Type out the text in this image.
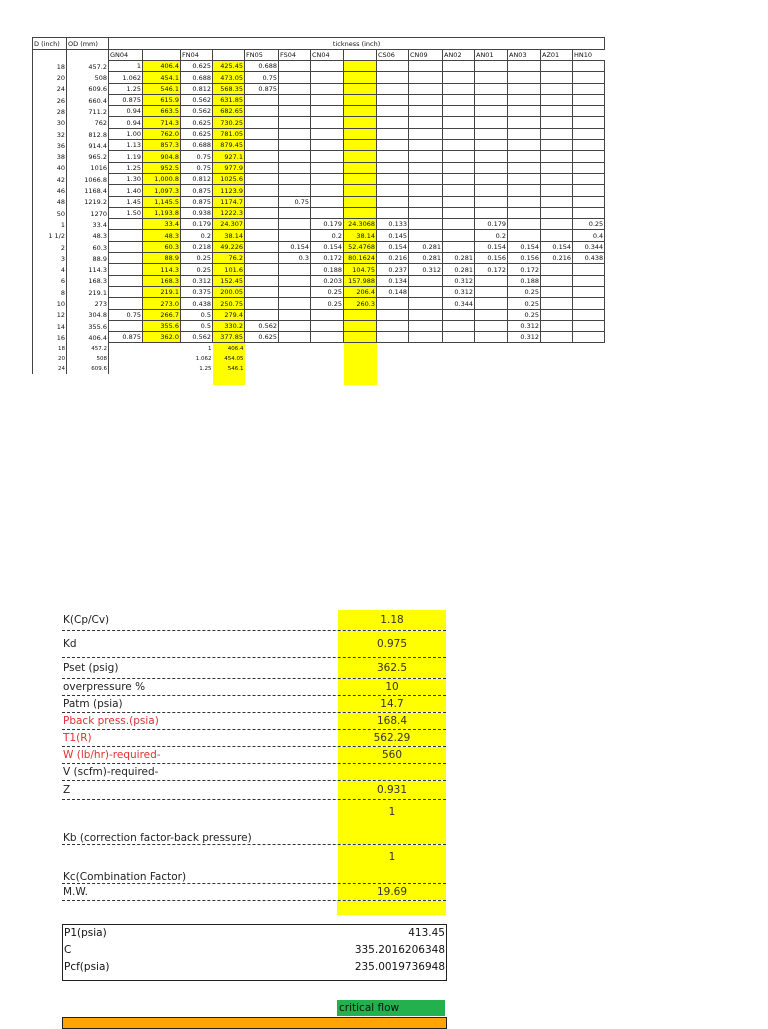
D (inch)	OD (mm)	tickness (inch)														
		GN04		FN04		FN05	FS04	CN04		CS06	CN09	AN02	AN01	AN03	AZ01	HN10
18	457.2	1	406.4	0.625	425.45	0.688										
20	508	1.062	454.1	0.688	473.05	0.75										
24	609.6	1.25	546.1	0.812	568.35	0.875										
26	660.4	0.875	615.9	0.562	631.85											
28	711.2	0.94	663.5	0.562	682.65											
30	762	0.94	714.3	0.625	730.25											
32	812.8	1.00	762.0	0.625	781.05											
36	914.4	1.13	857.3	0.688	879.45											
38	965.2	1.19	904.8	0.75	927.1											
40	1016	1.25	952.5	0.75	977.9											
42	1066.8	1.30	1,000.8	0.812	1025.6											
46	1168.4	1.40	1,097.3	0.875	1123.9											
48	1219.2	1.45	1,145.5	0.875	1174.7		0.75									
50	1270	1.50	1,193.8	0.938	1222.3											
1	33.4		33.4	0.179	24.307			0.179	24.3068	0.133			0.179			0.25
1 1/2	48.3		48.3	0.2	38.14			0.2	38.14	0.145			0.2			0.4
2	60.3		60.3	0.218	49.226		0.154	0.154	52.4768	0.154	0.281		0.154	0.154	0.154	0.344
3	88.9		88.9	0.25	76.2		0.3	0.172	80.1624	0.216	0.281	0.281	0.156	0.156	0.216	0.438
4	114.3		114.3	0.25	101.6			0.188	104.75	0.237	0.312	0.281	0.172	0.172		
6	168.3		168.3	0.312	152.45			0.203	157.988	0.134		0.312		0.188		
8	219.1		219.1	0.375	200.05			0.25	206.4	0.148		0.312		0.25		
10	273		273.0	0.438	250.75			0.25	260.3			0.344		0.25		
12	304.8	0.75	266.7	0.5	279.4									0.25		
14	355.6		355.6	0.5	330.2	0.562								0.312		
16	406.4	0.875	362.0	0.562	377.85	0.625								0.312		
18	457.2			1	406.4											
20	508			1.062	454.05											
24	609.6			1.25	546.1											

K(Cp/Cv)	1.18
Kd	0.975
Pset (psig)	362.5
overpressure %	10
Patm (psia)	14.7
Pback press.(psia)	168.4
T1(R)	562.29
W (lb/hr)-required-	560
V (scfm)-required-
Z	0.931
Kb (correction factor-back pressure)
1
Kc(Combination Factor)
1
M.W.	19.69
P1(psia)	413.45
C	335.2016206348
Pcf(psia)	235.0019736948
critical flow
